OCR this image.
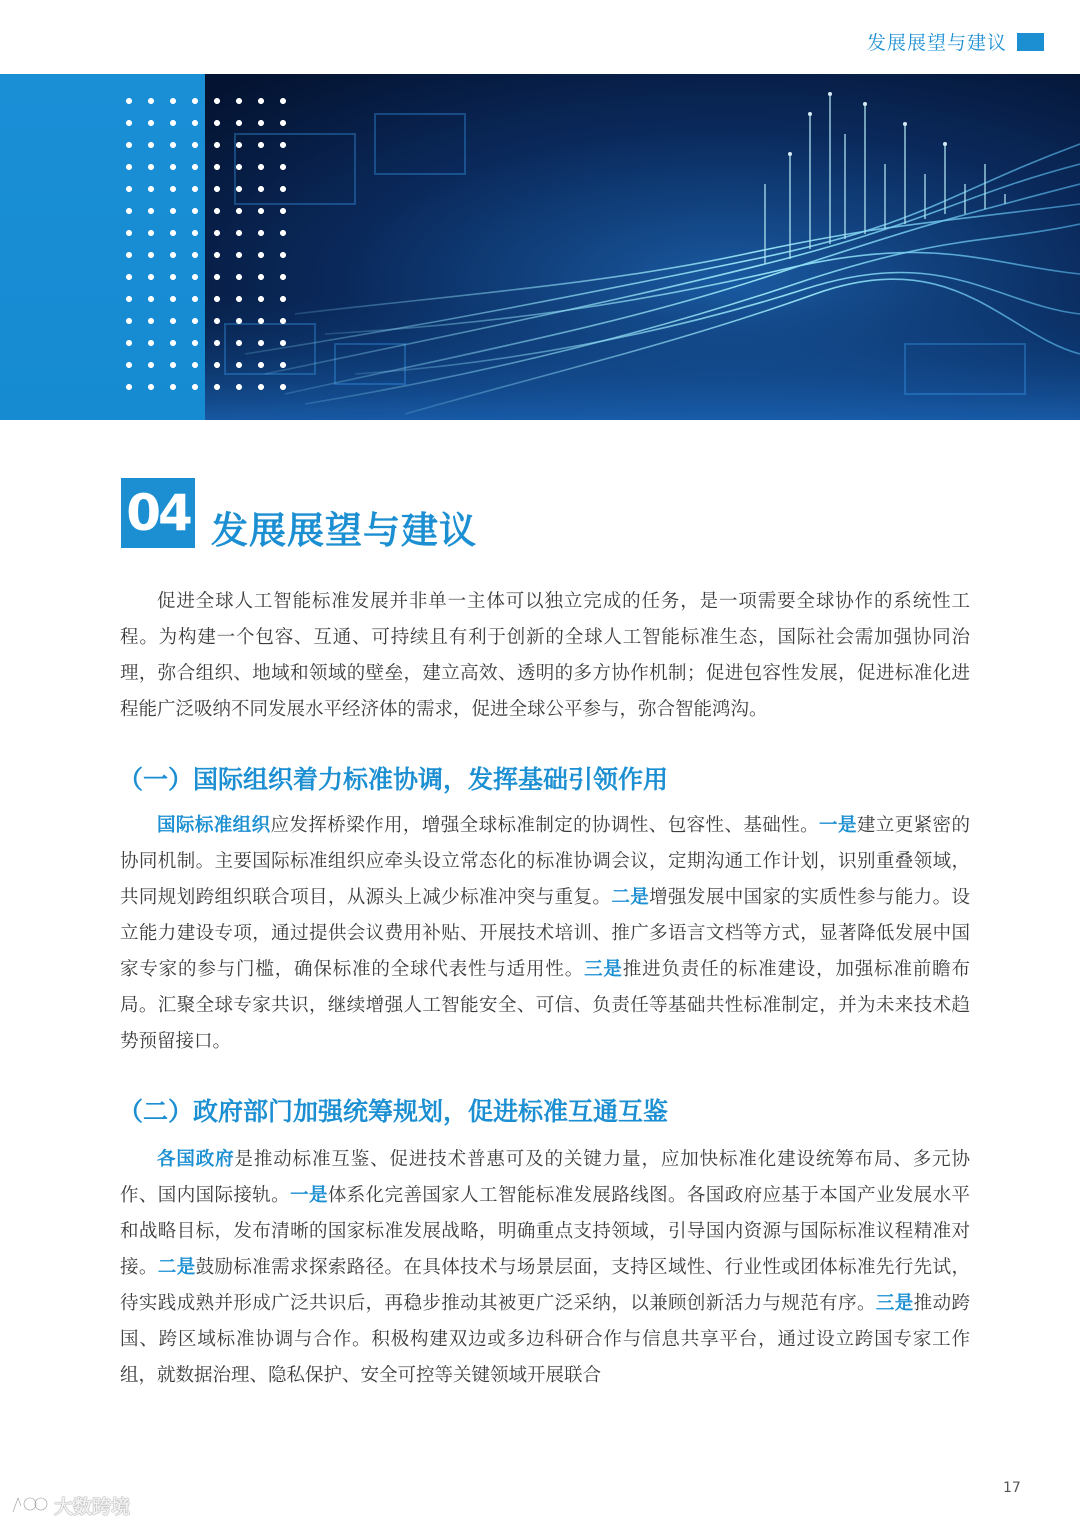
发展展望与建议
04 发展展望与建议

促进全球人工智能标准发展并非单一主体可以独立完成的任务，是一项需要全球协作的系统性工程。为构建一个包容、互通、可持续且有利于创新的全球人工智能标准生态，国际社会需加强协同治理，弥合组织、地域和领域的壁垒，建立高效、透明的多方协作机制；促进包容性发展，促进标准化进程能广泛吸纳不同发展水平经济体的需求，促进全球公平参与，弥合智能鸿沟。

（一）国际组织着力标准协调，发挥基础引领作用

国际标准组织应发挥桥梁作用，增强全球标准制定的协调性、包容性、基础性。一是建立更紧密的协同机制。主要国际标准组织应牵头设立常态化的标准协调会议，定期沟通工作计划，识别重叠领域，共同规划跨组织联合项目，从源头上减少标准冲突与重复。二是增强发展中国家的实质性参与能力。设立能力建设专项，通过提供会议费用补贴、开展技术培训、推广多语言文档等方式，显著降低发展中国家专家的参与门槛，确保标准的全球代表性与适用性。三是推进负责任的标准建设，加强标准前瞻布局。汇聚全球专家共识，继续增强人工智能安全、可信、负责任等基础共性标准制定，并为未来技术趋势预留接口。

（二）政府部门加强统筹规划，促进标准互通互鉴

各国政府是推动标准互鉴、促进技术普惠可及的关键力量，应加快标准化建设统筹布局、多元协作、国内国际接轨。一是体系化完善国家人工智能标准发展路线图。各国政府应基于本国产业发展水平和战略目标，发布清晰的国家标准发展战略，明确重点支持领域，引导国内资源与国际标准议程精准对接。二是鼓励标准需求探索路径。在具体技术与场景层面，支持区域性、行业性或团体标准先行先试，待实践成熟并形成广泛共识后，再稳步推动其被更广泛采纳，以兼顾创新活力与规范有序。三是推动跨国、跨区域标准协调与合作。积极构建双边或多边科研合作与信息共享平台，通过设立跨国专家工作组，就数据治理、隐私保护、安全可控等关键领域开展联合

17
大数跨境
